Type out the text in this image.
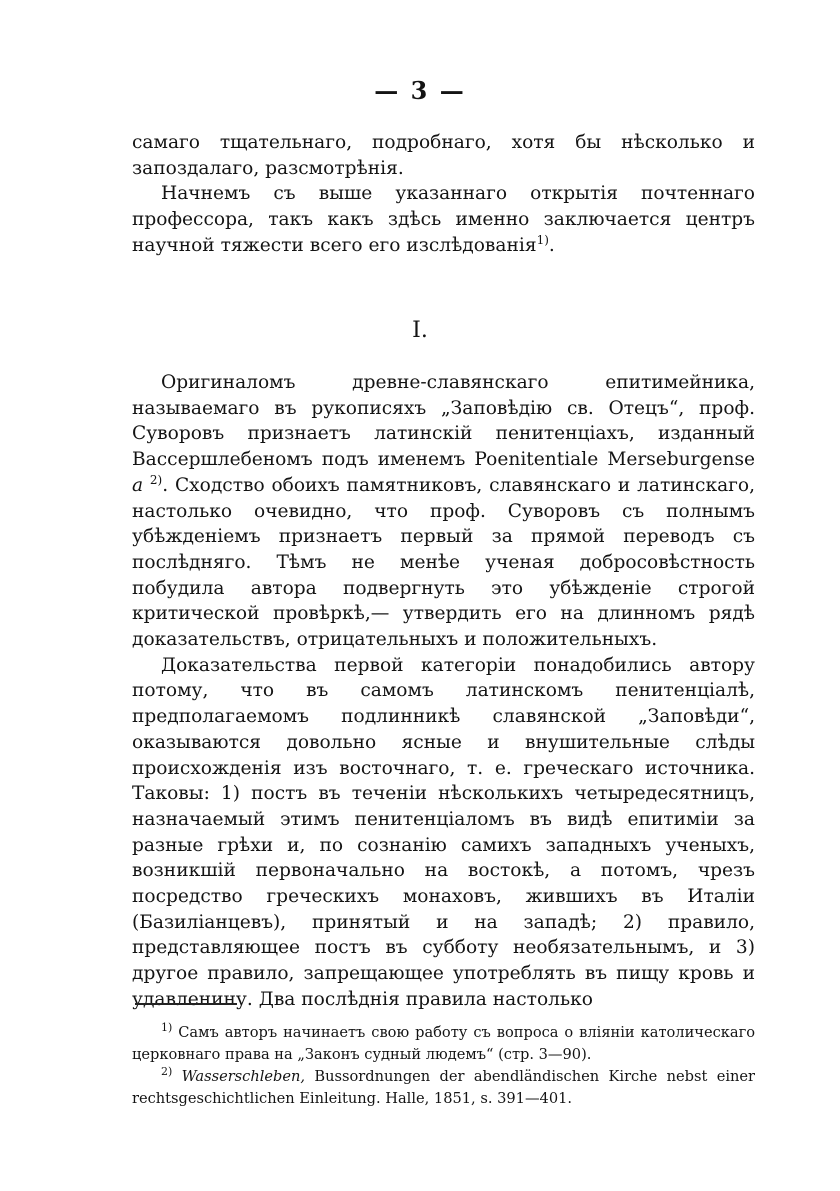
— 3 —

самаго тщательнаго, подробнаго, хотя бы нѣсколько и запоздалаго, разсмотрѣнія.

Начнемъ съ выше указаннаго открытія почтеннаго профессора, такъ какъ здѣсь именно заключается центръ научной тяжести всего его изслѣдованія$^{1)}$.

I.

Оригиналомъ древне-славянскаго епитимейника, называемаго въ рукописяхъ „Заповѣдію св. Отецъ“, проф. Суворовъ признаетъ латинскій пенитенціахъ, изданный Вассершлебеномъ подъ именемъ Poenitentiale Merseburgense a $^{2)}$. Сходство обоихъ памятниковъ, славянскаго и латинскаго, настолько очевидно, что проф. Суворовъ съ полнымъ убѣжденіемъ признаетъ первый за прямой переводъ съ послѣдняго. Тѣмъ не менѣе ученая добросовѣстность побудила автора подвергнуть это убѣжденіе строгой критической провѣркѣ,— утвердить его на длинномъ рядѣ доказательствъ, отрицательныхъ и положительныхъ.

Доказательства первой категоріи понадобились автору потому, что въ самомъ латинскомъ пенитенціалѣ, предполагаемомъ подлинникѣ славянской „Заповѣди“, оказываются довольно ясные и внушительные слѣды происхожденія изъ восточнаго, т. е. греческаго источника. Таковы: 1) постъ въ теченіи нѣсколькихъ четыредесятницъ, назначаемый этимъ пенитенціаломъ въ видѣ епитиміи за разные грѣхи и, по сознанію самихъ западныхъ ученыхъ, возникшій первоначально на востокѣ, а потомъ, чрезъ посредство греческихъ монаховъ, жившихъ въ Италіи (Базиліанцевъ), принятый и на западѣ; 2) правило, представляющее постъ въ субботу необязательнымъ, и 3) другое правило, запрещающее употреблять въ пищу кровь и удавленину. Два послѣднія правила настолько

$^{1)}$ Самъ авторъ начинаетъ свою работу съ вопроса о вліяніи католическаго церковнаго права на „Законъ судный людемъ“ (стр. 3—90).

$^{2)}$ Wasserschleben, Bussordnungen der abendländischen Kirche nebst einer rechtsgeschichtlichen Einleitung. Halle, 1851, s. 391—401.
